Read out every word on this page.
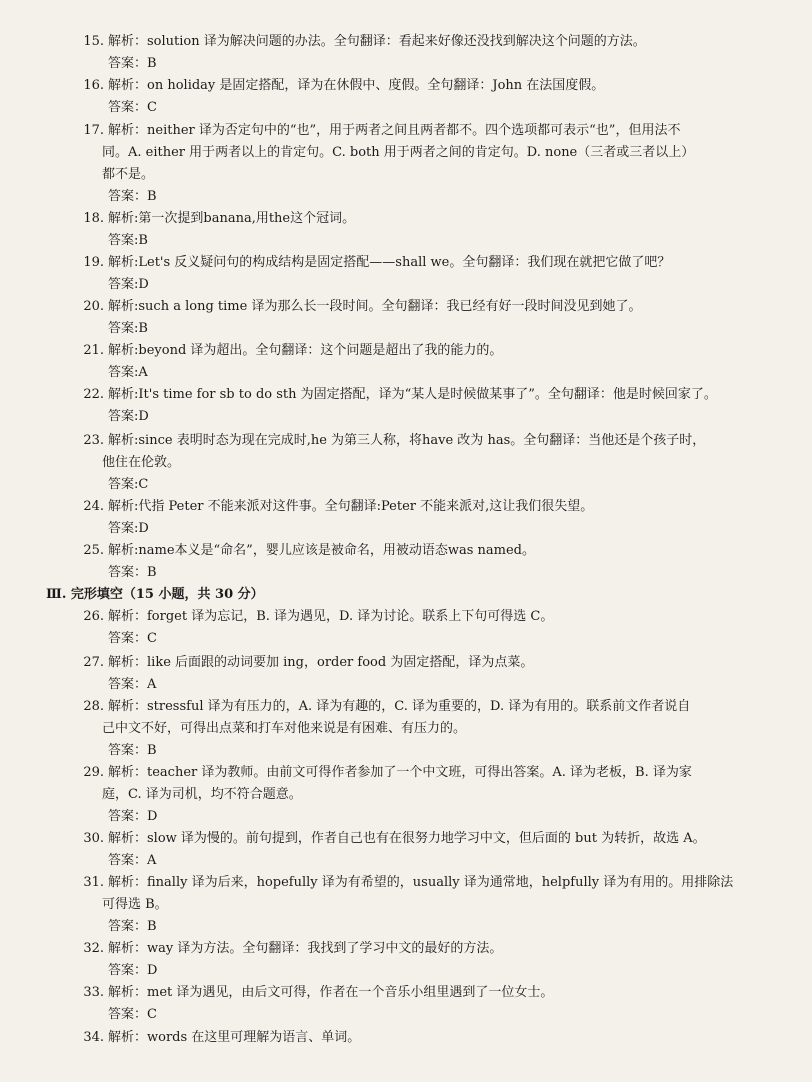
15. 解析：solution 译为解决问题的办法。全句翻译：看起来好像还没找到解决这个问题的方法。
答案：B
16. 解析：on holiday 是固定搭配，译为在休假中、度假。全句翻译：John 在法国度假。
答案：C
17. 解析：neither 译为否定句中的“也”，用于两者之间且两者都不。四个选项都可表示“也”，但用法不
同。A. either 用于两者以上的肯定句。C. both 用于两者之间的肯定句。D. none（三者或三者以上）
都不是。
答案：B
18. 解析:第一次提到banana,用the这个冠词。
答案:B
19. 解析:Let's 反义疑问句的构成结构是固定搭配——shall we。全句翻译：我们现在就把它做了吧？
答案:D
20. 解析:such a long time 译为那么长一段时间。全句翻译：我已经有好一段时间没见到她了。
答案:B
21. 解析:beyond 译为超出。全句翻译：这个问题是超出了我的能力的。
答案:A
22. 解析:It's time for sb to do sth 为固定搭配，译为“某人是时候做某事了”。全句翻译：他是时候回家了。
答案:D
23. 解析:since 表明时态为现在完成时,he 为第三人称，将have 改为 has。全句翻译：当他还是个孩子时，
他住在伦敦。
答案:C
24. 解析:代指 Peter 不能来派对这件事。全句翻译:Peter 不能来派对,这让我们很失望。
答案:D
25. 解析:name本义是“命名”，婴儿应该是被命名，用被动语态was named。
答案：B
26. 解析：forget 译为忘记，B. 译为遇见，D. 译为讨论。联系上下句可得选 C。
答案：C
27. 解析：like 后面跟的动词要加 ing，order food 为固定搭配，译为点菜。
答案：A
28. 解析：stressful 译为有压力的，A. 译为有趣的，C. 译为重要的，D. 译为有用的。联系前文作者说自
己中文不好，可得出点菜和打车对他来说是有困难、有压力的。
答案：B
29. 解析：teacher 译为教师。由前文可得作者参加了一个中文班，可得出答案。A. 译为老板，B. 译为家
庭，C. 译为司机，均不符合题意。
答案：D
30. 解析：slow 译为慢的。前句提到，作者自己也有在很努力地学习中文，但后面的 but 为转折，故选 A。
答案：A
31. 解析：finally 译为后来，hopefully 译为有希望的，usually 译为通常地，helpfully 译为有用的。用排除法
可得选 B。
答案：B
32. 解析：way 译为方法。全句翻译：我找到了学习中文的最好的方法。
答案：D
33. 解析：met 译为遇见，由后文可得，作者在一个音乐小组里遇到了一位女士。
答案：C
34. 解析：words 在这里可理解为语言、单词。
Ⅲ. 完形填空（15 小题，共 30 分）
